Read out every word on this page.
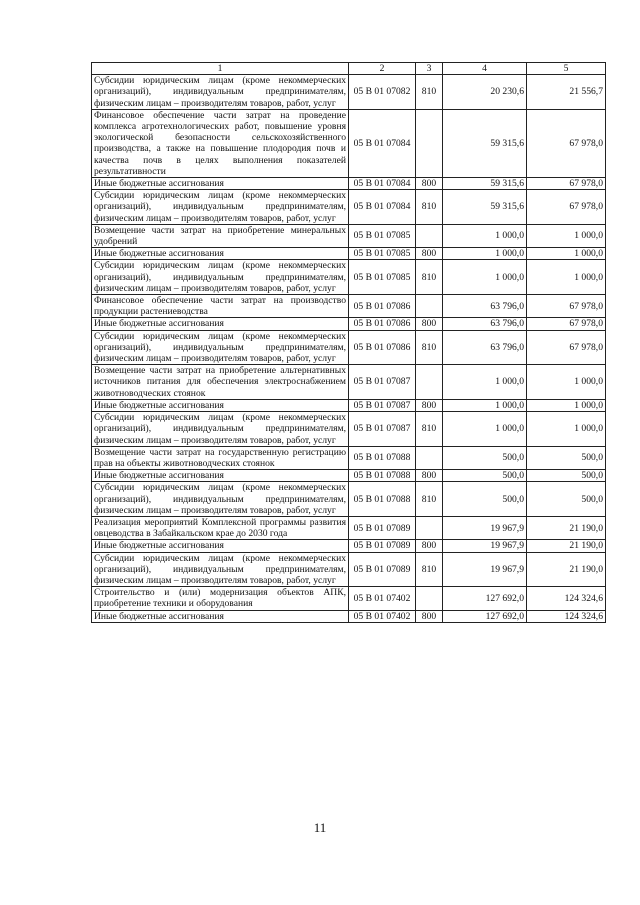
1	2	3	4	5
Субсидии юридическим лицам (кроме некоммерческих организаций), индивидуальным предпринимателям, физическим лицам – производителям товаров, работ, услуг	05 В 01 07082	810	20 230,6	21 556,7
Финансовое обеспечение части затрат на проведение комплекса агротехнологических работ, повышение уровня экологической безопасности сельскохозяйственного производства, а также на повышение плодородия почв и качества почв в целях выполнения показателей результативности	05 В 01 07084		59 315,6	67 978,0
Иные бюджетные ассигнования	05 В 01 07084	800	59 315,6	67 978,0
Субсидии юридическим лицам (кроме некоммерческих организаций), индивидуальным предпринимателям, физическим лицам – производителям товаров, работ, услуг	05 В 01 07084	810	59 315,6	67 978,0
Возмещение части затрат на приобретение минеральных удобрений	05 В 01 07085		1 000,0	1 000,0
Иные бюджетные ассигнования	05 В 01 07085	800	1 000,0	1 000,0
Субсидии юридическим лицам (кроме некоммерческих организаций), индивидуальным предпринимателям, физическим лицам – производителям товаров, работ, услуг	05 В 01 07085	810	1 000,0	1 000,0
Финансовое обеспечение части затрат на производство продукции растениеводства	05 В 01 07086		63 796,0	67 978,0
Иные бюджетные ассигнования	05 В 01 07086	800	63 796,0	67 978,0
Субсидии юридическим лицам (кроме некоммерческих организаций), индивидуальным предпринимателям, физическим лицам – производителям товаров, работ, услуг	05 В 01 07086	810	63 796,0	67 978,0
Возмещение части затрат на приобретение альтернативных источников питания для обеспечения электроснабжением животноводческих стоянок	05 В 01 07087		1 000,0	1 000,0
Иные бюджетные ассигнования	05 В 01 07087	800	1 000,0	1 000,0
Субсидии юридическим лицам (кроме некоммерческих организаций), индивидуальным предпринимателям, физическим лицам – производителям товаров, работ, услуг	05 В 01 07087	810	1 000,0	1 000,0
Возмещение части затрат на государственную регистрацию прав на объекты животноводческих стоянок	05 В 01 07088		500,0	500,0
Иные бюджетные ассигнования	05 В 01 07088	800	500,0	500,0
Субсидии юридическим лицам (кроме некоммерческих организаций), индивидуальным предпринимателям, физическим лицам – производителям товаров, работ, услуг	05 В 01 07088	810	500,0	500,0
Реализация мероприятий Комплексной программы развития овцеводства в Забайкальском крае до 2030 года	05 В 01 07089		19 967,9	21 190,0
Иные бюджетные ассигнования	05 В 01 07089	800	19 967,9	21 190,0
Субсидии юридическим лицам (кроме некоммерческих организаций), индивидуальным предпринимателям, физическим лицам – производителям товаров, работ, услуг	05 В 01 07089	810	19 967,9	21 190,0
Строительство и (или) модернизация объектов АПК, приобретение техники и оборудования	05 В 01 07402		127 692,0	124 324,6
Иные бюджетные ассигнования	05 В 01 07402	800	127 692,0	124 324,6
11
